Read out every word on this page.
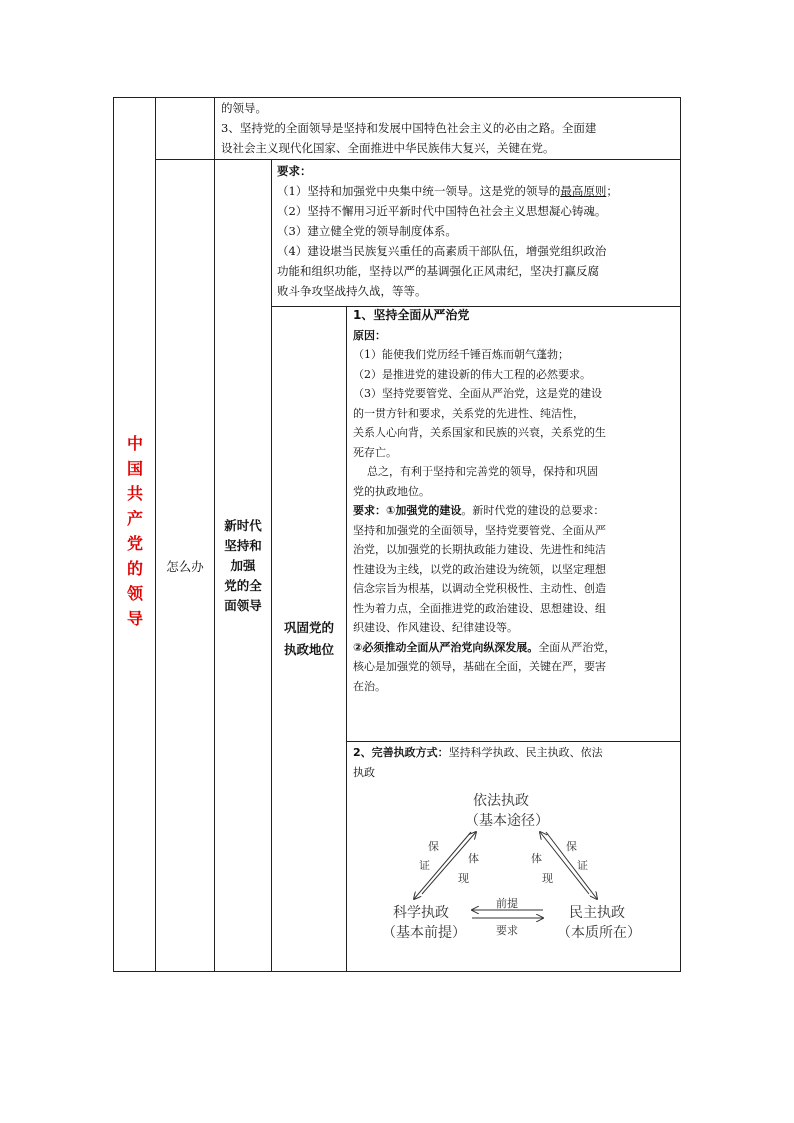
中国共产党的领导	怎么办
新时代
坚持和
加强
党的全
面领导
巩固党的
执政地位

的领导。

3、坚持党的全面领导是坚持和发展中国特色社会主义的必由之路。全面建

设社会主义现代化国家、全面推进中华民族伟大复兴，关键在党。

要求：

（1）坚持和加强党中央集中统一领导。这是党的领导的最高原则；

（2）坚持不懈用习近平新时代中国特色社会主义思想凝心铸魂。

（3）建立健全党的领导制度体系。

（4）建设堪当民族复兴重任的高素质干部队伍，增强党组织政治

功能和组织功能，坚持以严的基调强化正风肃纪，坚决打赢反腐

败斗争攻坚战持久战，等等。

1、坚持全面从严治党

原因：

（1）能使我们党历经千锤百炼而朝气蓬勃；

（2）是推进党的建设新的伟大工程的必然要求。

（3）坚持党要管党、全面从严治党，这是党的建设

的一贯方针和要求，关系党的先进性、纯洁性，

关系人心向背，关系国家和民族的兴衰，关系党的生

死存亡。

总之，有利于坚持和完善党的领导，保持和巩固

党的执政地位。

要求：①加强党的建设。新时代党的建设的总要求：

坚持和加强党的全面领导，坚持党要管党、全面从严

治党，以加强党的长期执政能力建设、先进性和纯洁

性建设为主线，以党的政治建设为统领，以坚定理想

信念宗旨为根基，以调动全党积极性、主动性、创造

性为着力点，全面推进党的政治建设、思想建设、组

织建设、作风建设、纪律建设等。

②必须推动全面从严治党向纵深发展。全面从严治党，

核心是加强党的领导，基础在全面，关键在严，要害

在治。

2、完善执政方式：坚持科学执政、民主执政、依法

执政

依法执政
（基本途径）
科学执政
（基本前提）
民主执政
（本质所在）
保
证
体
现
体
现
保
证
前提
要求
